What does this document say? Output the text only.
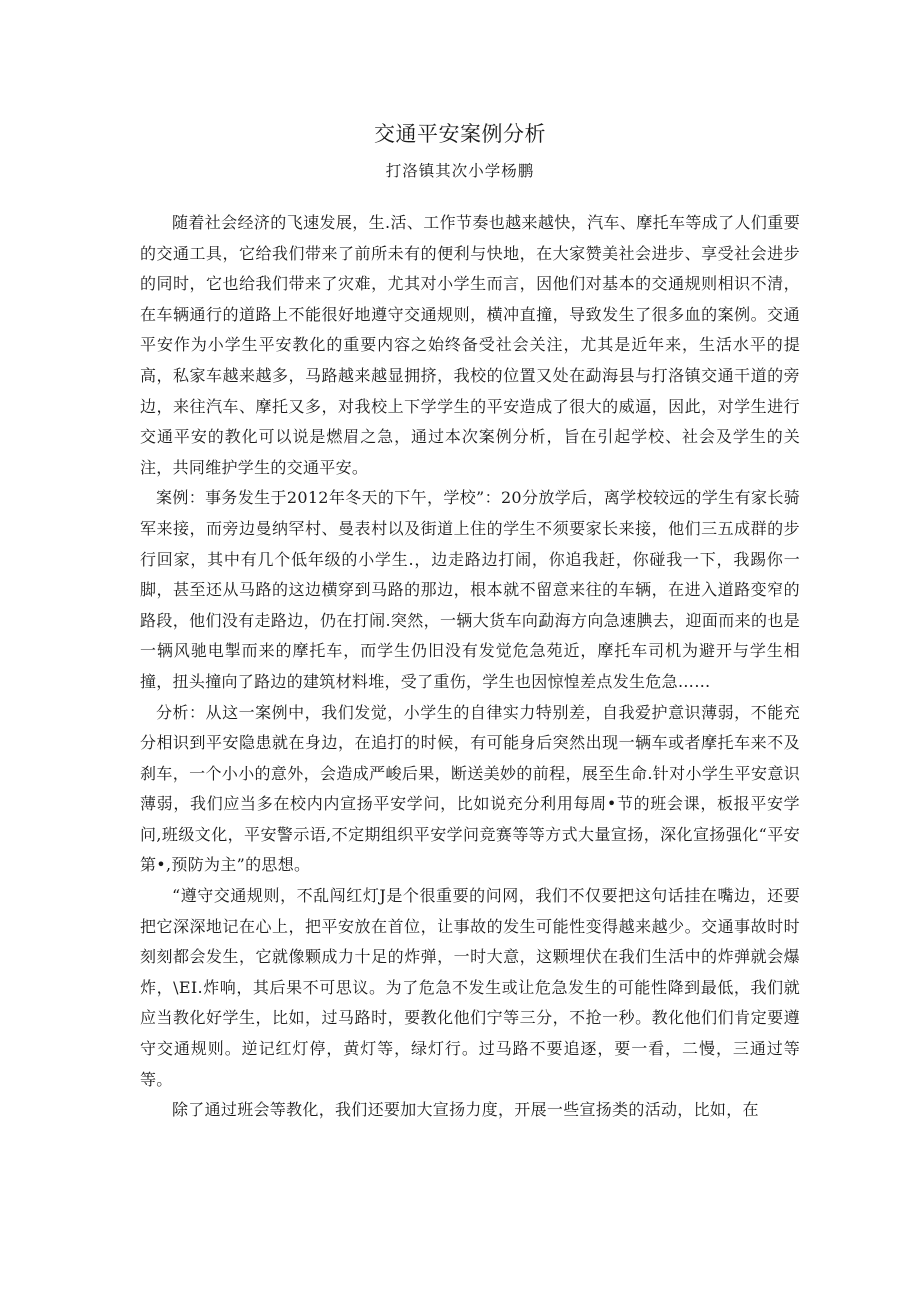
交通平安案例分析

打洛镇其次小学杨鹏

随着社会经济的飞速发展，生.活、工作节奏也越来越快，汽车、摩托车等成了人们重要的交通工具，它给我们带来了前所未有的便利与快地，在大家赞美社会进步、享受社会进步的同时，它也给我们带来了灾难，尤其对小学生而言，因他们对基本的交通规则相识不清，在车辆通行的道路上不能很好地遵守交通规则，横冲直撞，导致发生了很多血的案例。交通平安作为小学生平安教化的重要内容之始终备受社会关注，尤其是近年来，生活水平的提高，私家车越来越多，马路越来越显拥挤，我校的位置又处在勐海县与打洛镇交通干道的旁边，来往汽车、摩托又多，对我校上下学学生的平安造成了很大的威逼，因此，对学生进行交通平安的教化可以说是燃眉之急，通过本次案例分析，旨在引起学校、社会及学生的关注，共同维护学生的交通平安。

案例：事务发生于2012年冬天的下午，学校”：20分放学后，离学校较远的学生有家长骑军来接，而旁边曼纳罕村、曼表村以及街道上住的学生不须要家长来接，他们三五成群的步行回家，其中有几个低年级的小学生.，边走路边打闹，你追我赶，你碰我一下，我踢你一脚，甚至还从马路的这边横穿到马路的那边，根本就不留意来往的车辆，在进入道路变窄的路段，他们没有走路边，仍在打闹.突然，一辆大货车向勐海方向急速腆去，迎面而来的也是一辆风驰电掣而来的摩托车，而学生仍旧没有发觉危急苑近，摩托车司机为避开与学生相撞，扭头撞向了路边的建筑材料堆，受了重伤，学生也因惊惶差点发生危急……

分析：从这一案例中，我们发觉，小学生的自律实力特别差，自我爱护意识薄弱，不能充分相识到平安隐患就在身边，在追打的时候，有可能身后突然出现一辆车或者摩托车来不及刹车，一个小小的意外，会造成严峻后果，断送美妙的前程，展至生命.针对小学生平安意识薄弱，我们应当多在校内内宣扬平安学问，比如说充分利用每周•节的班会课，板报平安学问,班级文化，平安警示语,不定期组织平安学问竞赛等等方式大量宣扬，深化宣扬强化“平安第•,预防为主”的思想。

“遵守交通规则，不乱闯红灯J是个很重要的问网，我们不仅要把这句话挂在嘴边，还要把它深深地记在心上，把平安放在首位，让事故的发生可能性变得越来越少。交通事故时时刻刻都会发生，它就像颗成力十足的炸弹，一时大意，这颗埋伏在我们生活中的炸弹就会爆炸，\EI.炸响，其后果不可思议。为了危急不发生或让危急发生的可能性降到最低，我们就应当教化好学生，比如，过马路时，要教化他们宁等三分，不抢一秒。教化他们们肯定要遵守交通规则。逆记红灯停，黄灯等，绿灯行。过马路不要追逐，要一看，二慢，三通过等等。

除了通过班会等教化，我们还要加大宣扬力度，开展一些宣扬类的活动，比如，在
